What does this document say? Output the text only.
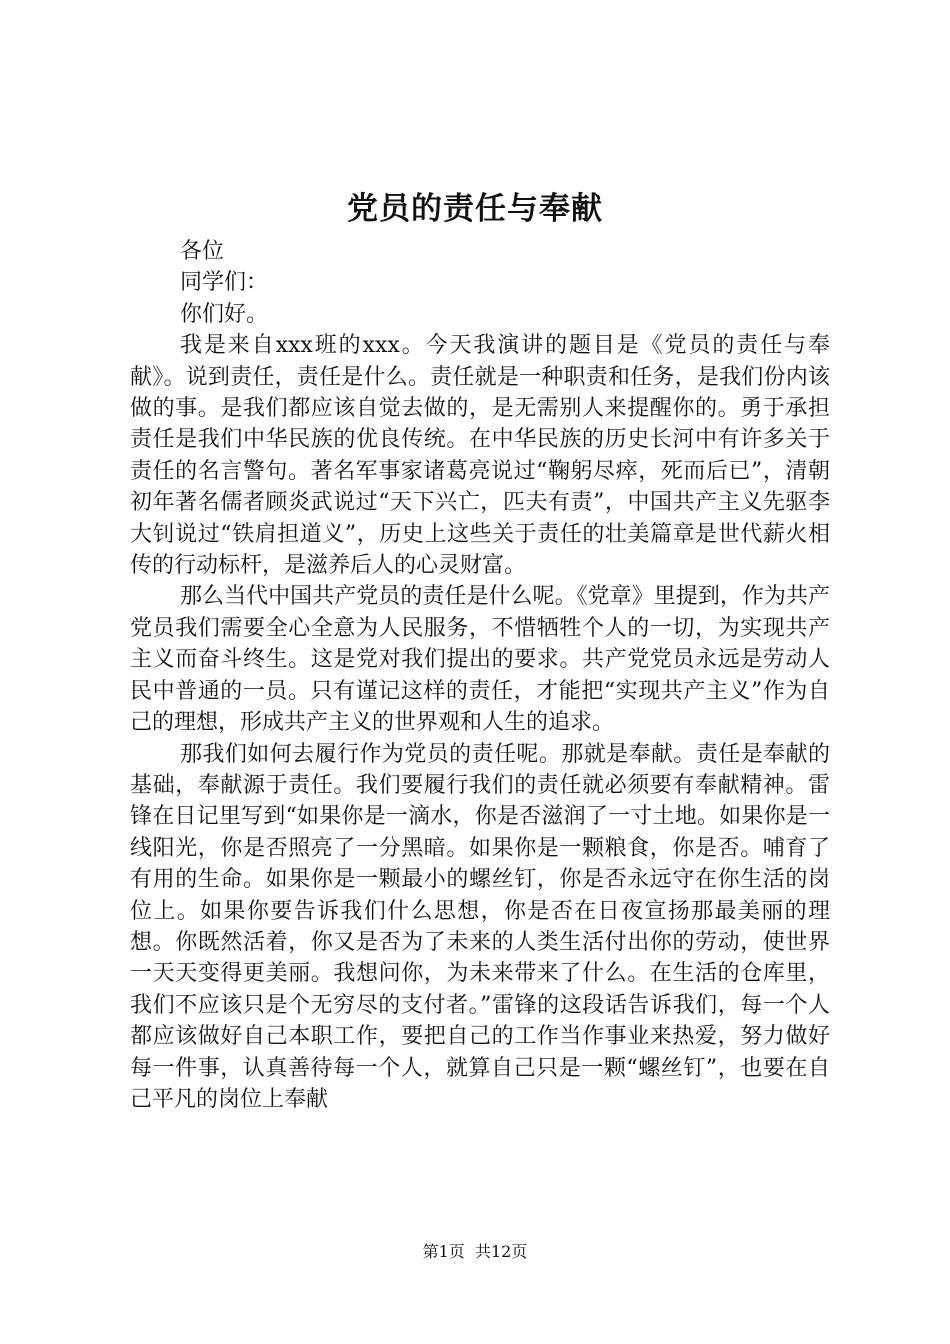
党员的责任与奉献

各位

同学们：

你们好。

我是来自xxx班的xxx。今天我演讲的题目是《党员的责任与奉献》。说到责任，责任是什么。责任就是一种职责和任务，是我们份内该做的事。是我们都应该自觉去做的，是无需别人来提醒你的。勇于承担责任是我们中华民族的优良传统。在中华民族的历史长河中有许多关于责任的名言警句。著名军事家诸葛亮说过“鞠躬尽瘁，死而后已”，清朝初年著名儒者顾炎武说过“天下兴亡，匹夫有责”，中国共产主义先驱李大钊说过“铁肩担道义”，历史上这些关于责任的壮美篇章是世代薪火相传的行动标杆，是滋养后人的心灵财富。

那么当代中国共产党员的责任是什么呢。《党章》里提到，作为共产党员我们需要全心全意为人民服务，不惜牺牲个人的一切，为实现共产主义而奋斗终生。这是党对我们提出的要求。共产党党员永远是劳动人民中普通的一员。只有谨记这样的责任，才能把“实现共产主义”作为自己的理想，形成共产主义的世界观和人生的追求。

那我们如何去履行作为党员的责任呢。那就是奉献。责任是奉献的基础，奉献源于责任。我们要履行我们的责任就必须要有奉献精神。雷锋在日记里写到“如果你是一滴水，你是否滋润了一寸土地。如果你是一线阳光，你是否照亮了一分黑暗。如果你是一颗粮食，你是否。哺育了有用的生命。如果你是一颗最小的螺丝钉，你是否永远守在你生活的岗位上。如果你要告诉我们什么思想，你是否在日夜宣扬那最美丽的理想。你既然活着，你又是否为了未来的人类生活付出你的劳动，使世界一天天变得更美丽。我想问你，为未来带来了什么。在生活的仓库里，我们不应该只是个无穷尽的支付者。”雷锋的这段话告诉我们，每一个人都应该做好自己本职工作，要把自己的工作当作事业来热爱，努力做好每一件事，认真善待每一个人，就算自己只是一颗“螺丝钉”，也要在自己平凡的岗位上奉献

第1页 共12页
